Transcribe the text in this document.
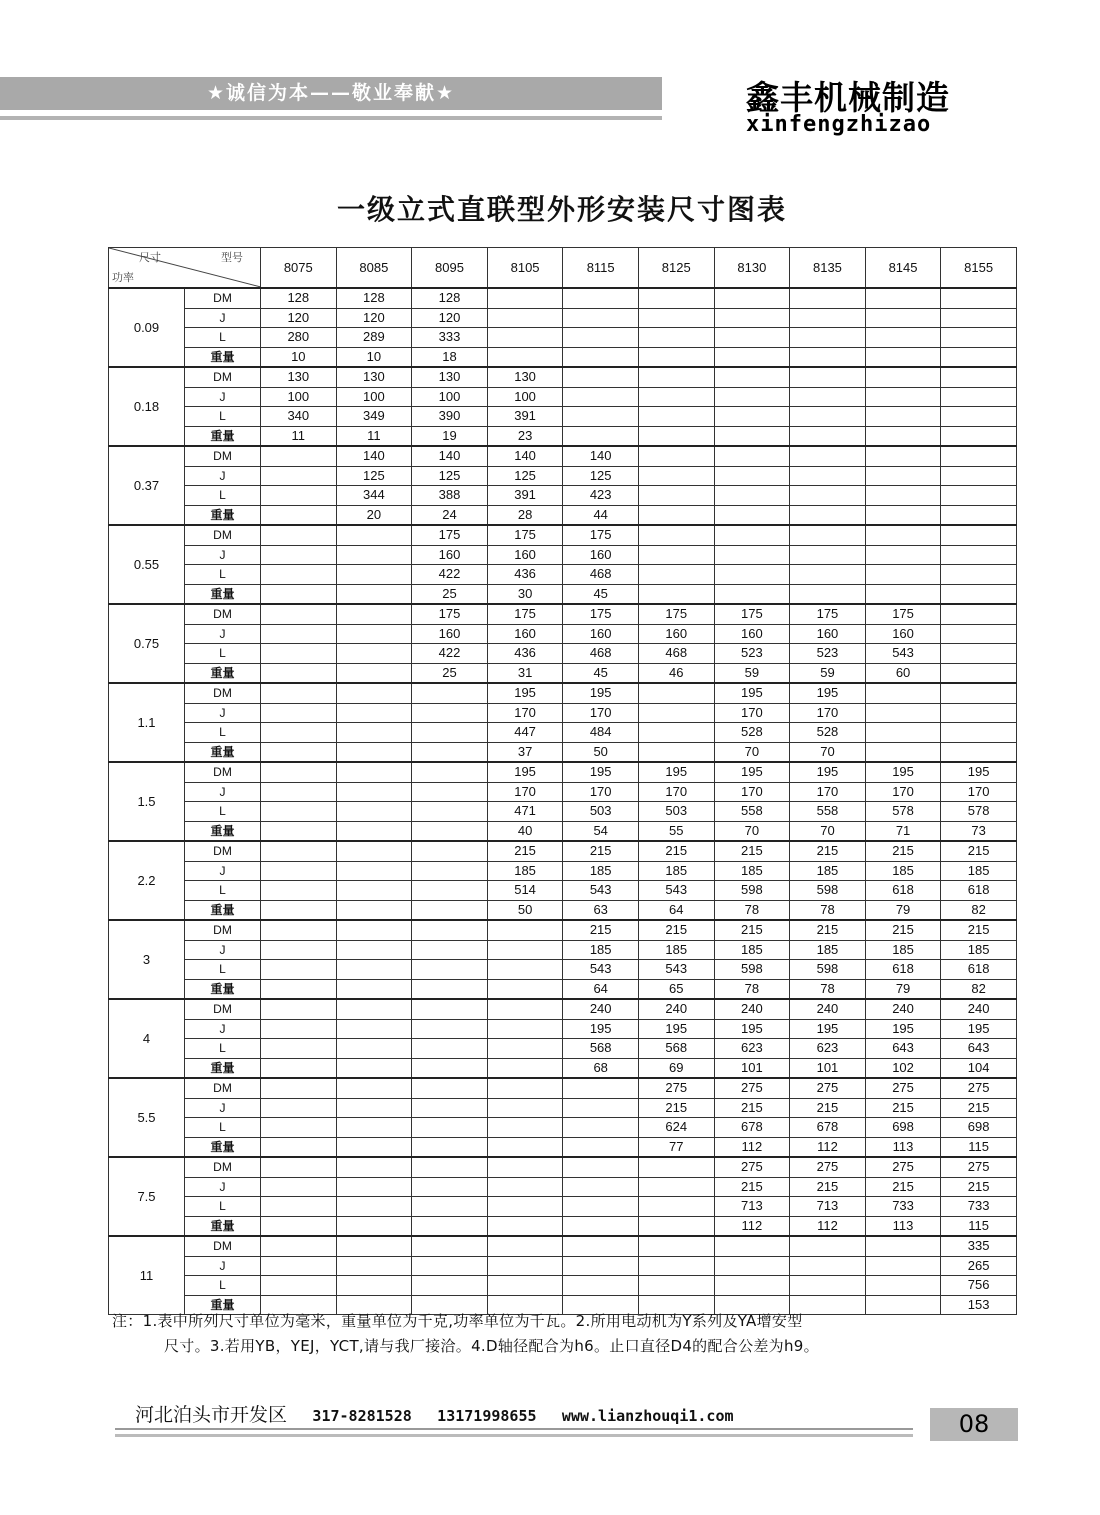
★诚信为本——敬业奉献★	鑫丰机械制造
xinfengzhizao
一级立式直联型外形安装尺寸图表
尺寸 型号
功率		8075	8085	8095	8105	8115	8125	8130	8135	8145	8155
0.09	DM	128	128	128							
	J	120	120	120							
	L	280	289	333							
	重量	10	10	18							
0.18	DM	130	130	130	130						
	J	100	100	100	100						
	L	340	349	390	391						
	重量	11	11	19	23						
0.37	DM		140	140	140	140					
	J		125	125	125	125					
	L		344	388	391	423					
	重量		20	24	28	44					
0.55	DM			175	175	175					
	J			160	160	160					
	L			422	436	468					
	重量			25	30	45					
0.75	DM			175	175	175	175	175	175	175	
	J			160	160	160	160	160	160	160	
	L			422	436	468	468	523	523	543	
	重量			25	31	45	46	59	59	60	
1.1	DM				195	195		195	195		
	J				170	170		170	170		
	L				447	484		528	528		
	重量				37	50		70	70		
1.5	DM				195	195	195	195	195	195	195
	J				170	170	170	170	170	170	170
	L				471	503	503	558	558	578	578
	重量				40	54	55	70	70	71	73
2.2	DM				215	215	215	215	215	215	215
	J				185	185	185	185	185	185	185
	L				514	543	543	598	598	618	618
	重量				50	63	64	78	78	79	82
3	DM					215	215	215	215	215	215
	J					185	185	185	185	185	185
	L					543	543	598	598	618	618
	重量					64	65	78	78	79	82
4	DM					240	240	240	240	240	240
	J					195	195	195	195	195	195
	L					568	568	623	623	643	643
	重量					68	69	101	101	102	104
5.5	DM						275	275	275	275	275
	J						215	215	215	215	215
	L						624	678	678	698	698
	重量						77	112	112	113	115
7.5	DM							275	275	275	275
	J							215	215	215	215
	L							713	713	733	733
	重量							112	112	113	115
11	DM										335
	J										265
	L										756
	重量										153
注：1.表中所列尺寸单位为毫米，重量单位为千克,功率单位为千瓦。2.所用电动机为Y系列及YA增安型
尺寸。3.若用YB，YEJ，YCT,请与我厂接洽。4.D轴径配合为h6。止口直径D4的配合公差为h9。
河北泊头市开发区 317-8281528 13171998655 www.lianzhouqi1.com	08
